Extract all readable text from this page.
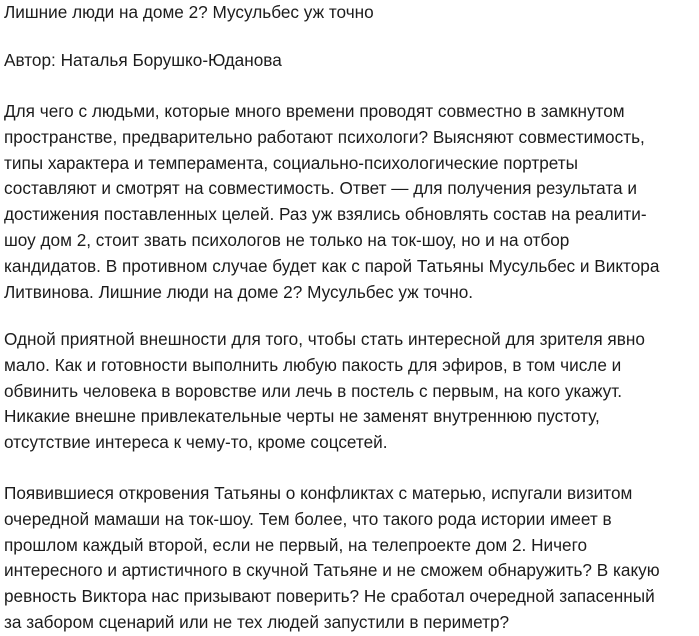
Лишние люди на доме 2? Мусульбес уж точно

Автор: Наталья Борушко-Юданова

Для чего с людьми, которые много времени проводят совместно в замкнутом
пространстве, предварительно работают психологи? Выясняют совместимость,
типы характера и темперамента, социально-психологические портреты
составляют и смотрят на совместимость. Ответ — для получения результата и
достижения поставленных целей. Раз уж взялись обновлять состав на реалити-
шоу дом 2, стоит звать психологов не только на ток-шоу, но и на отбор
кандидатов. В противном случае будет как с парой Татьяны Мусульбес и Виктора
Литвинова. Лишние люди на доме 2? Мусульбес уж точно.
Одной приятной внешности для того, чтобы стать интересной для зрителя явно
мало. Как и готовности выполнить любую пакость для эфиров, в том числе и
обвинить человека в воровстве или лечь в постель с первым, на кого укажут.
Никакие внешне привлекательные черты не заменят внутреннюю пустоту,
отсутствие интереса к чему-то, кроме соцсетей.
Появившиеся откровения Татьяны о конфликтах с матерью, испугали визитом
очередной мамаши на ток-шоу. Тем более, что такого рода истории имеет в
прошлом каждый второй, если не первый, на телепроекте дом 2. Ничего
интересного и артистичного в скучной Татьяне и не сможем обнаружить? В какую
ревность Виктора нас призывают поверить? Не сработал очередной запасенный
за забором сценарий или не тех людей запустили в периметр?
